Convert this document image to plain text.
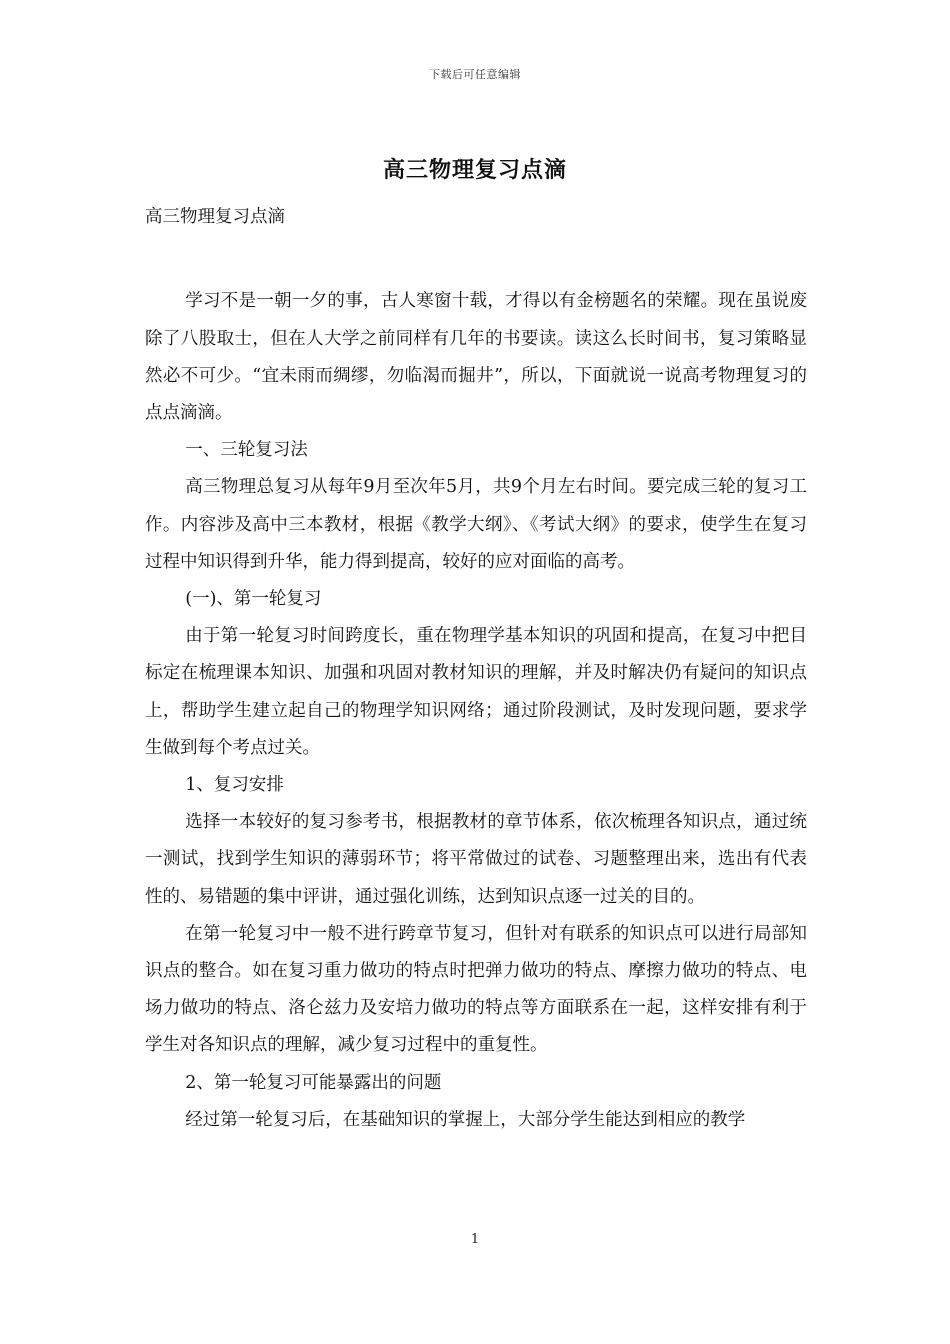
下载后可任意编辑
高三物理复习点滴

高三物理复习点滴

学习不是一朝一夕的事，古人寒窗十载，才得以有金榜题名的荣耀。现在虽说废除了八股取士，但在人大学之前同样有几年的书要读。读这么长时间书，复习策略显然必不可少。“宜未雨而绸缪，勿临渴而掘井”，所以，下面就说一说高考物理复习的点点滴滴。

一、三轮复习法

高三物理总复习从每年9月至次年5月，共9个月左右时间。要完成三轮的复习工作。内容涉及高中三本教材，根据《教学大纲》、《考试大纲》的要求，使学生在复习过程中知识得到升华，能力得到提高，较好的应对面临的高考。

(一)、第一轮复习

由于第一轮复习时间跨度长，重在物理学基本知识的巩固和提高，在复习中把目标定在梳理课本知识、加强和巩固对教材知识的理解，并及时解决仍有疑问的知识点上，帮助学生建立起自己的物理学知识网络；通过阶段测试，及时发现问题，要求学生做到每个考点过关。

1、复习安排

选择一本较好的复习参考书，根据教材的章节体系，依次梳理各知识点，通过统一测试，找到学生知识的薄弱环节；将平常做过的试卷、习题整理出来，选出有代表性的、易错题的集中评讲，通过强化训练，达到知识点逐一过关的目的。

在第一轮复习中一般不进行跨章节复习，但针对有联系的知识点可以进行局部知识点的整合。如在复习重力做功的特点时把弹力做功的特点、摩擦力做功的特点、电场力做功的特点、洛仑兹力及安培力做功的特点等方面联系在一起，这样安排有利于学生对各知识点的理解，减少复习过程中的重复性。

2、第一轮复习可能暴露出的问题

经过第一轮复习后，在基础知识的掌握上，大部分学生能达到相应的教学

1
